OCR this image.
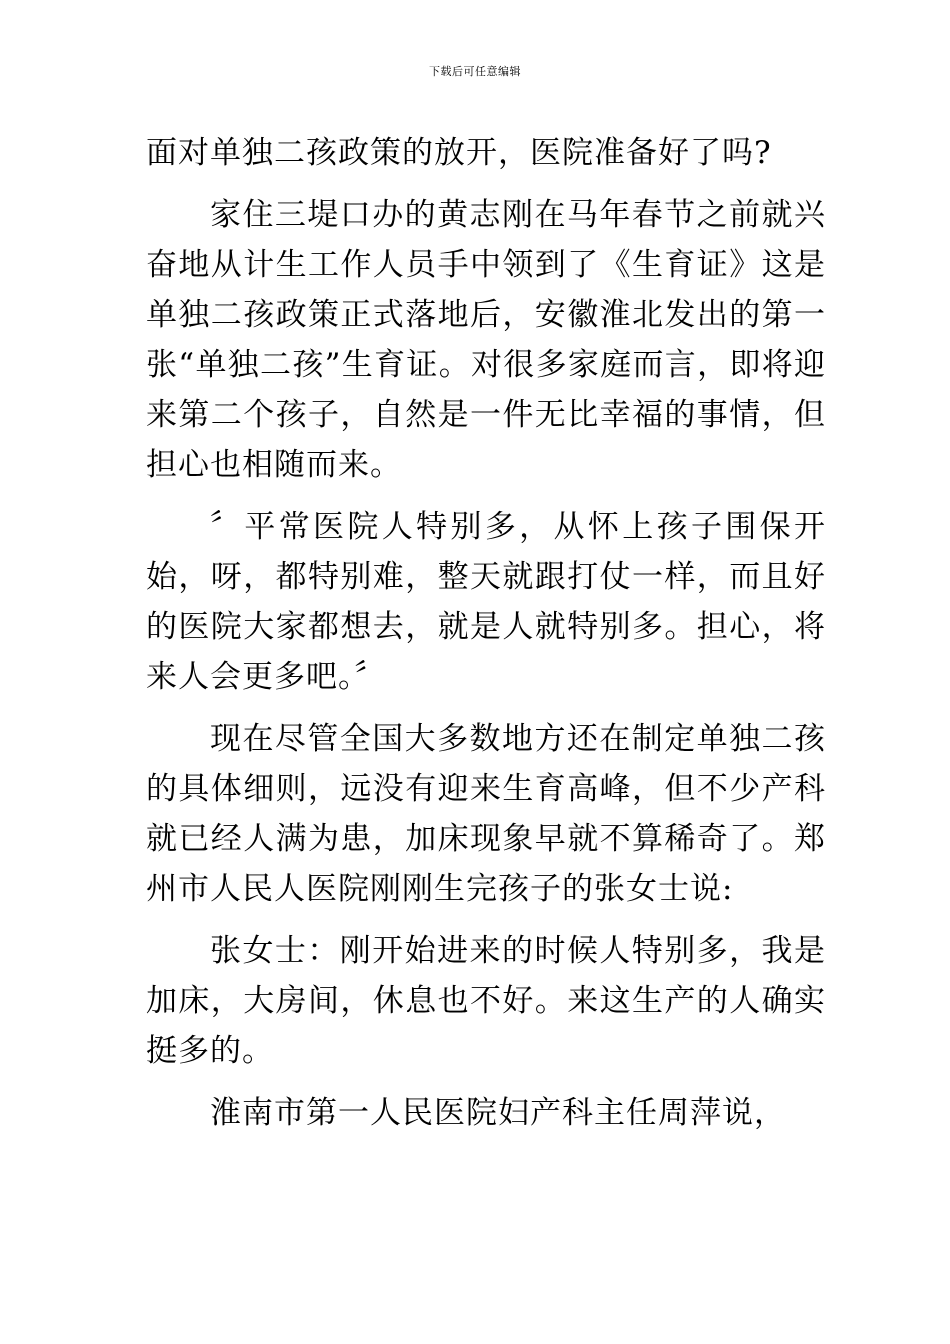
下载后可任意编辑

面对单独二孩政策的放开，医院准备好了吗?

家住三堤口办的黄志刚在马年春节之前就兴奋地从计生工作人员手中领到了《生育证》这是单独二孩政策正式落地后，安徽淮北发出的第一张“单独二孩”生育证。对很多家庭而言，即将迎来第二个孩子，自然是一件无比幸福的事情，但担心也相随而来。

〞平常医院人特别多，从怀上孩子围保开始，呀，都特别难，整天就跟打仗一样，而且好的医院大家都想去，就是人就特别多。担心，将来人会更多吧。〞

现在尽管全国大多数地方还在制定单独二孩的具体细则，远没有迎来生育高峰，但不少产科就已经人满为患，加床现象早就不算稀奇了。郑州市人民人医院刚刚生完孩子的张女士说:

张女士：刚开始进来的时候人特别多，我是加床，大房间，休息也不好。来这生产的人确实挺多的。

淮南市第一人民医院妇产科主任周萍说，
